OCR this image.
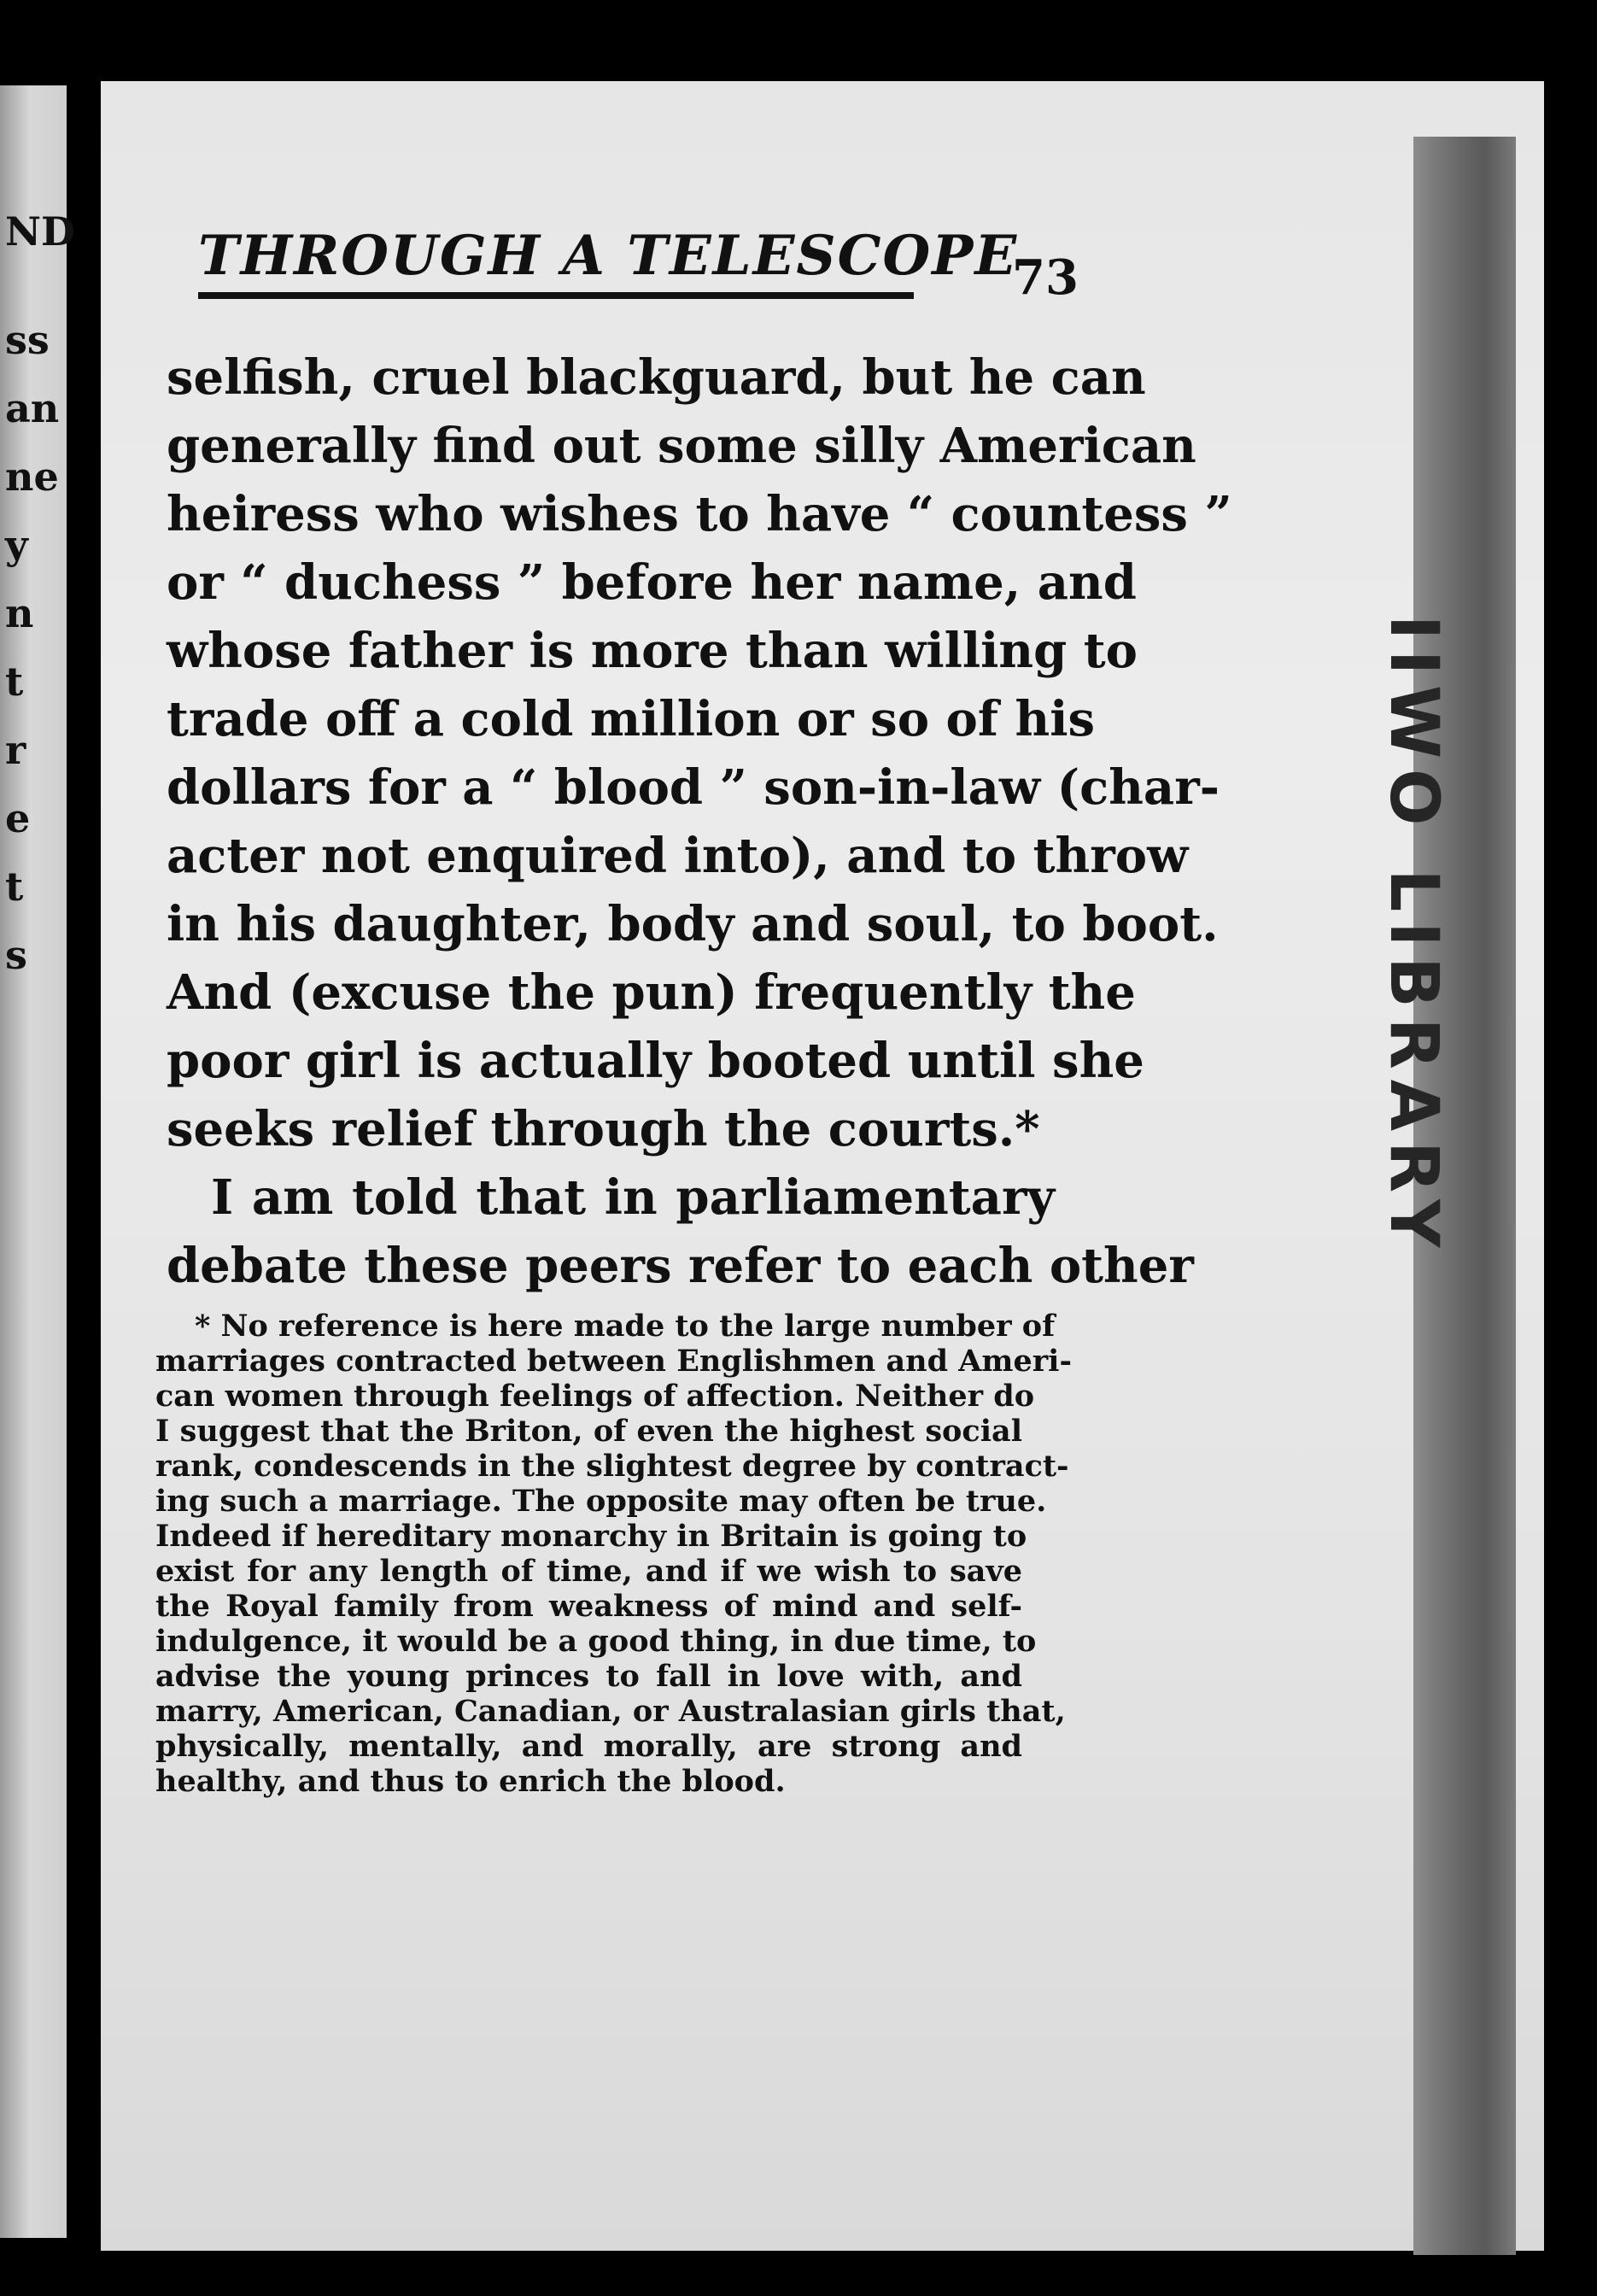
ND
ss
an
ne
y
n
t
r
e
t
s	IIWO LIBRARY
THROUGH A TELESCOPE
73
selfish, cruel blackguard, but he can
generally find out some silly American
heiress who wishes to have “ countess ”
or “ duchess ” before her name, and
whose father is more than willing to
trade off a cold million or so of his
dollars for a “ blood ” son-in-law (char-
acter not enquired into), and to throw
in his daughter, body and soul, to boot.
And (excuse the pun) frequently the
poor girl is actually booted until she
seeks relief through the courts.*
I am told that in parliamentary
debate these peers refer to each other
* No reference is here made to the large number of
marriages contracted between Englishmen and Ameri-
can women through feelings of affection. Neither do
I suggest that the Briton, of even the highest social
rank, condescends in the slightest degree by contract-
ing such a marriage. The opposite may often be true.
Indeed if hereditary monarchy in Britain is going to
exist for any length of time, and if we wish to save
the Royal family from weakness of mind and self-
indulgence, it would be a good thing, in due time, to
advise the young princes to fall in love with, and
marry, American, Canadian, or Australasian girls that,
physically, mentally, and morally, are strong and
healthy, and thus to enrich the blood.
